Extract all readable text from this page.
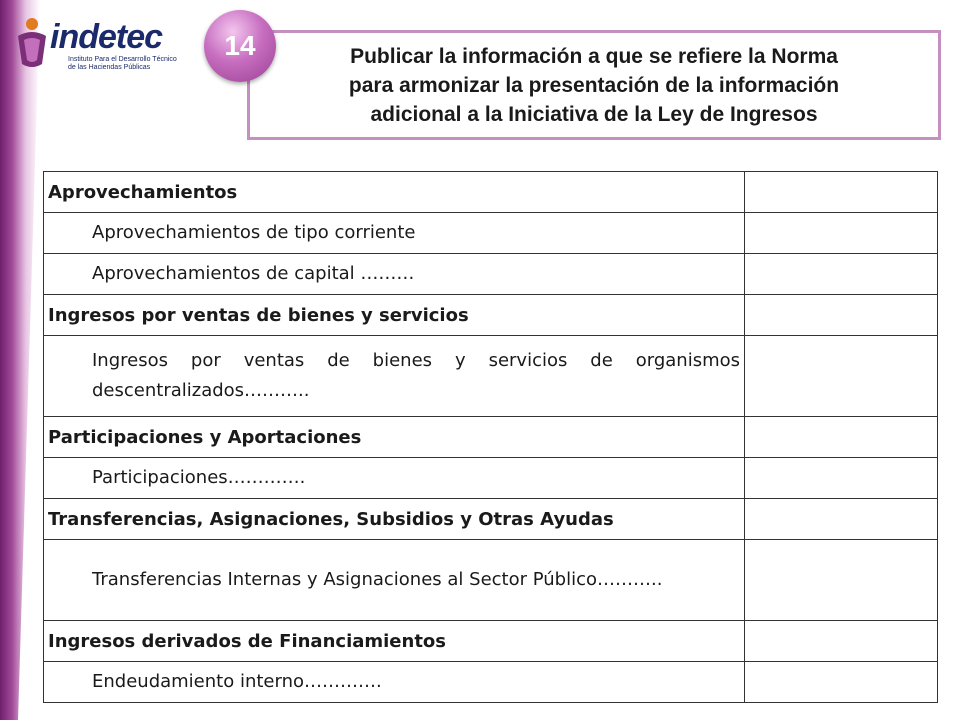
indetec
Instituto Para el Desarrollo Técnico
de las Haciendas Públicas	Publicar la información a que se refiere la Norma
para armonizar la presentación de la información
adicional a la Iniciativa de la Ley de Ingresos
14
Aprovechamientos	

Aprovechamientos de tipo corriente	

Aprovechamientos de capital ………	

Ingresos por ventas de bienes y servicios	

Ingresos por ventas de bienes y servicios de organismos descentralizados………..	

Participaciones y Aportaciones	

Participaciones………….	

Transferencias, Asignaciones, Subsidios y Otras Ayudas	

Transferencias Internas y Asignaciones al Sector Público………..	

Ingresos derivados de Financiamientos	

Endeudamiento interno………….	
